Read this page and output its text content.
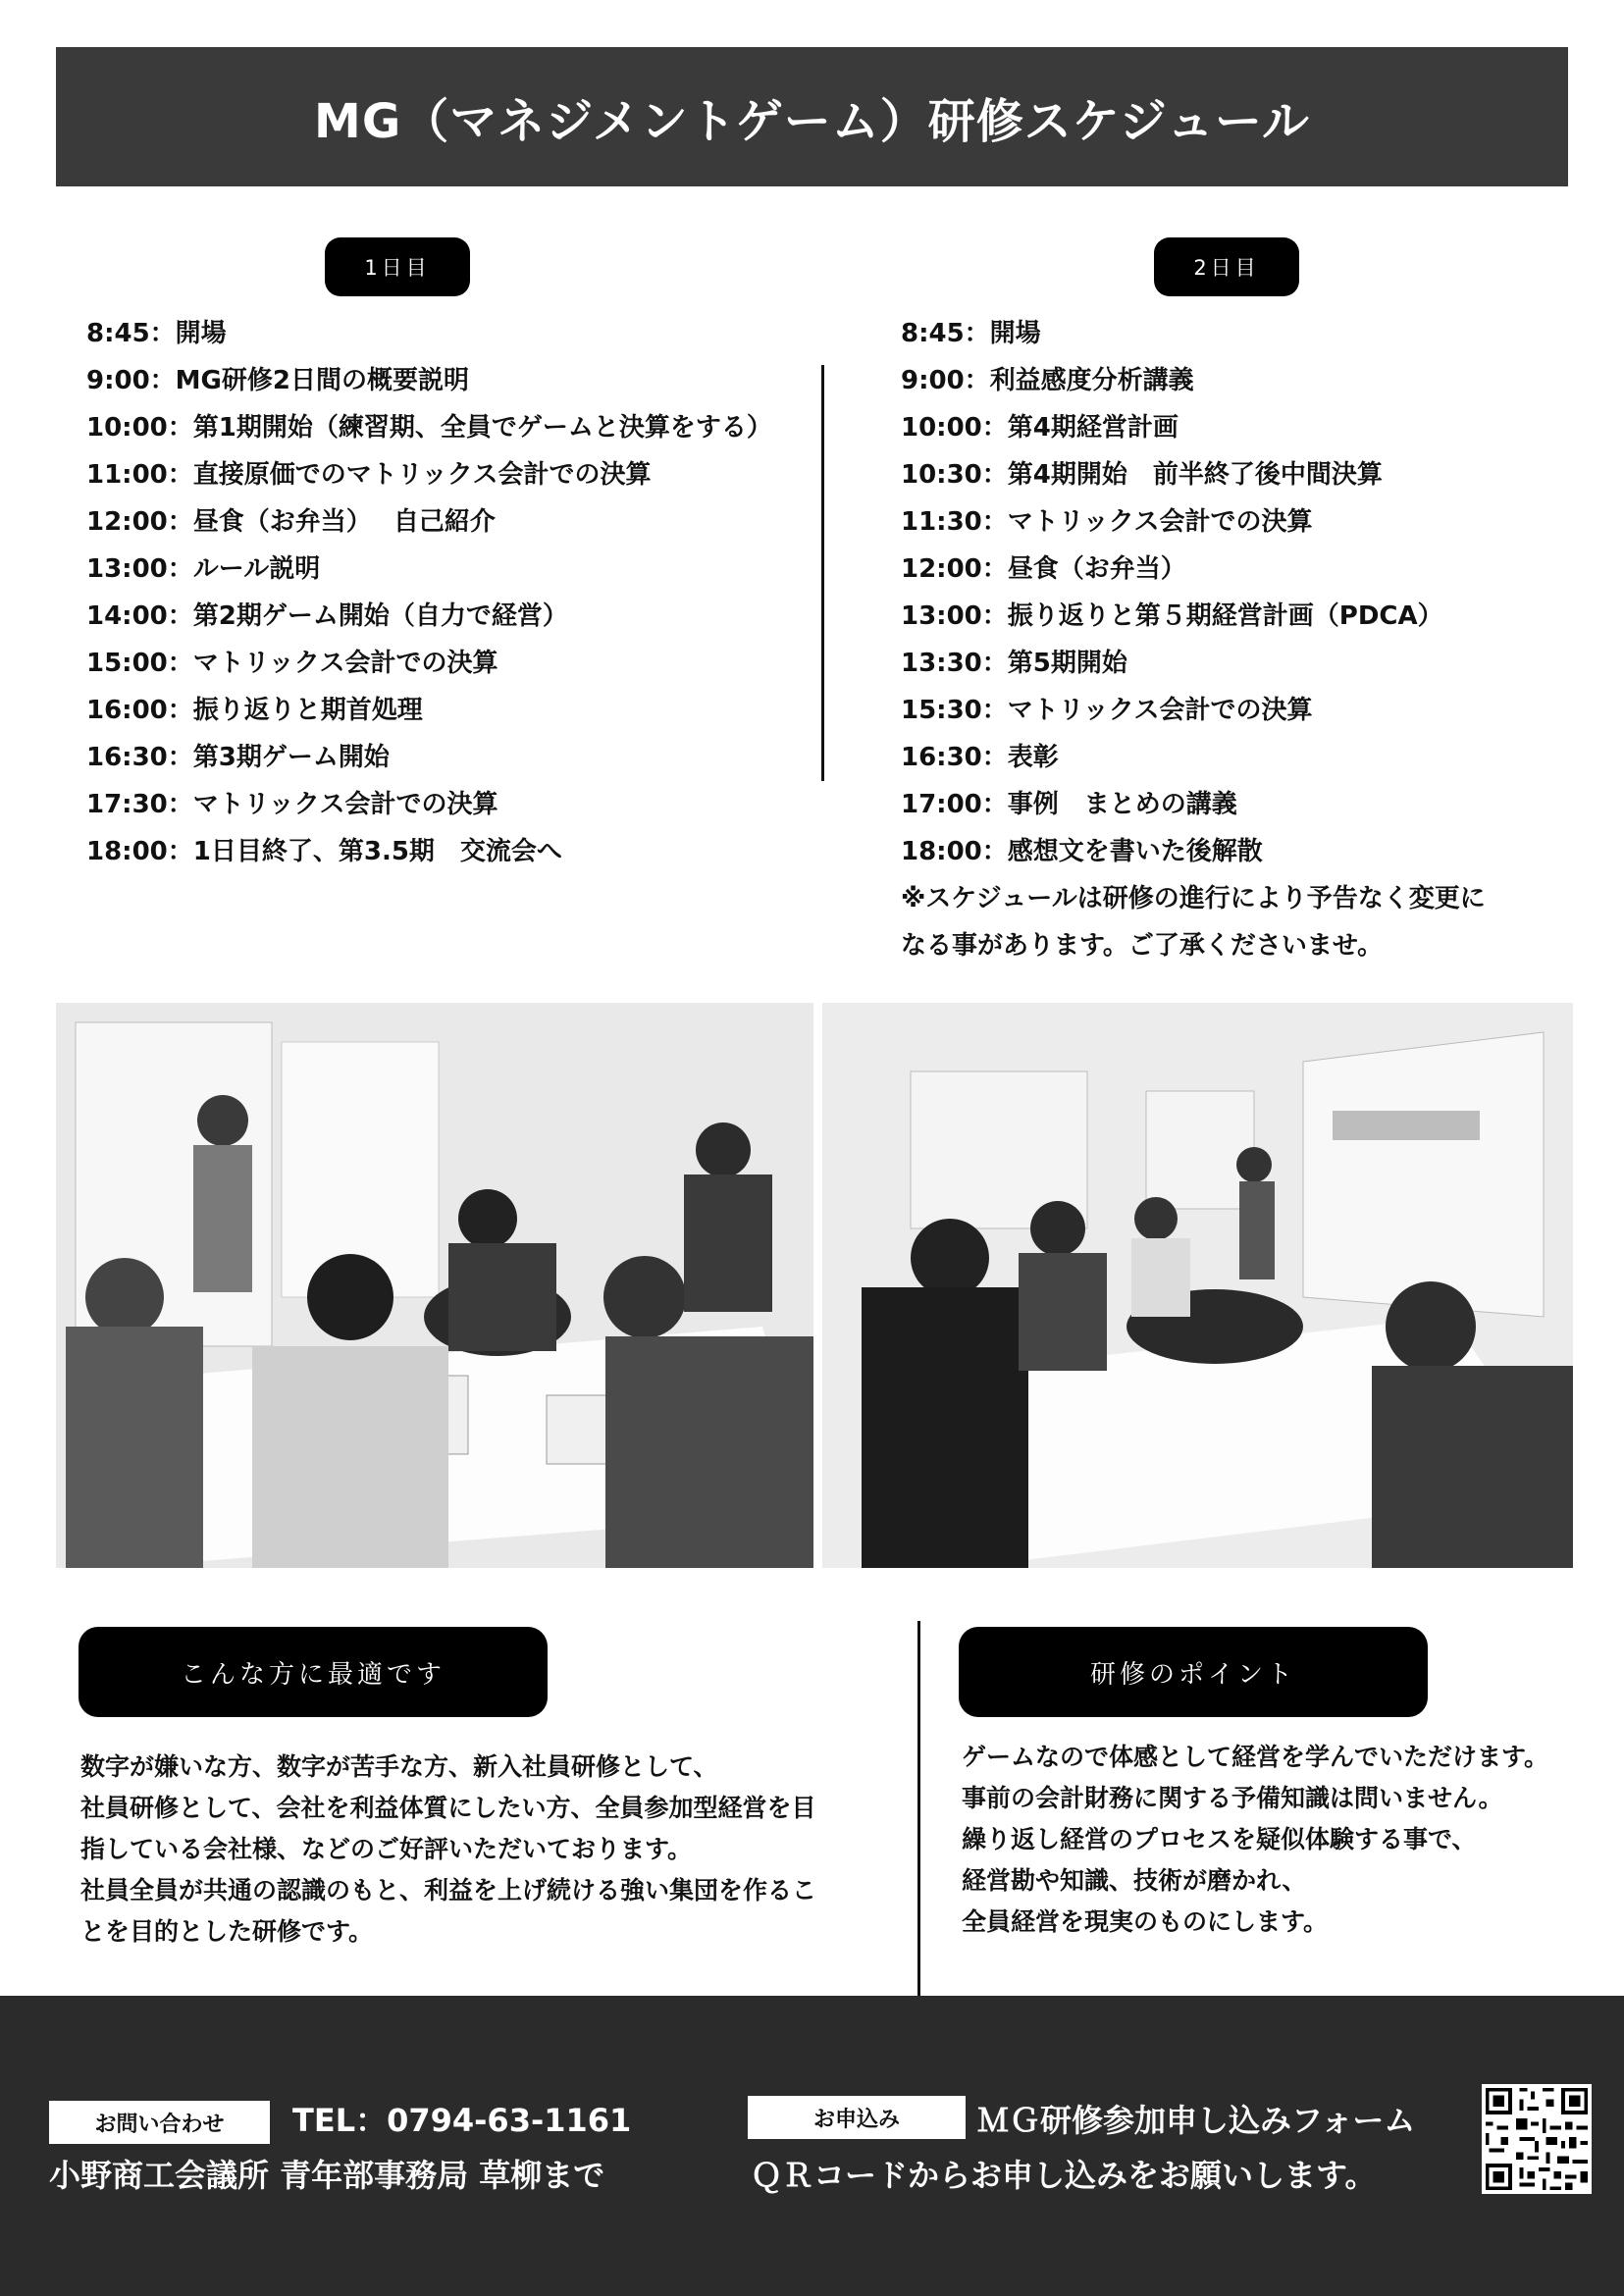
MG（マネジメントゲーム）研修スケジュール
1日目	2日目
8:45：開場
9:00：MG研修2日間の概要説明
10:00：第1期開始（練習期、全員でゲームと決算をする）
11:00：直接原価でのマトリックス会計での決算
12:00：昼食（お弁当）　 自己紹介
13:00：ルール説明
14:00：第2期ゲーム開始（自力で経営）
15:00：マトリックス会計での決算
16:00：振り返りと期首処理
16:30：第3期ゲーム開始
17:30：マトリックス会計での決算
18:00：1日目終了、第3.5期　交流会へ
8:45：開場
9:00：利益感度分析講義
10:00：第4期経営計画
10:30：第4期開始　前半終了後中間決算
11:30：マトリックス会計での決算
12:00：昼食（お弁当）
13:00：振り返りと第５期経営計画（PDCA）
13:30：第5期開始
15:30：マトリックス会計での決算
16:30：表彰
17:00：事例　まとめの講義
18:00：感想文を書いた後解散
※スケジュールは研修の進行により予告なく変更に
なる事があります。ご了承くださいませ。
こんな方に最適です
数字が嫌いな方、数字が苦手な方、新入社員研修として、
社員研修として、会社を利益体質にしたい方、全員参加型経営を目
指している会社様、などのご好評いただいております。
社員全員が共通の認識のもと、利益を上げ続ける強い集団を作るこ
とを目的とした研修です。
研修のポイント
ゲームなので体感として経営を学んでいただけます。
事前の会計財務に関する予備知識は問いません。
繰り返し経営のプロセスを疑似体験する事で、
経営勘や知識、技術が磨かれ、
全員経営を現実のものにします。
お問い合わせ	TEL：0794-63-1161
小野商工会議所 青年部事務局 草柳まで
お申込み	ＭＧ研修参加申し込みフォーム
ＱＲコードからお申し込みをお願いします。
